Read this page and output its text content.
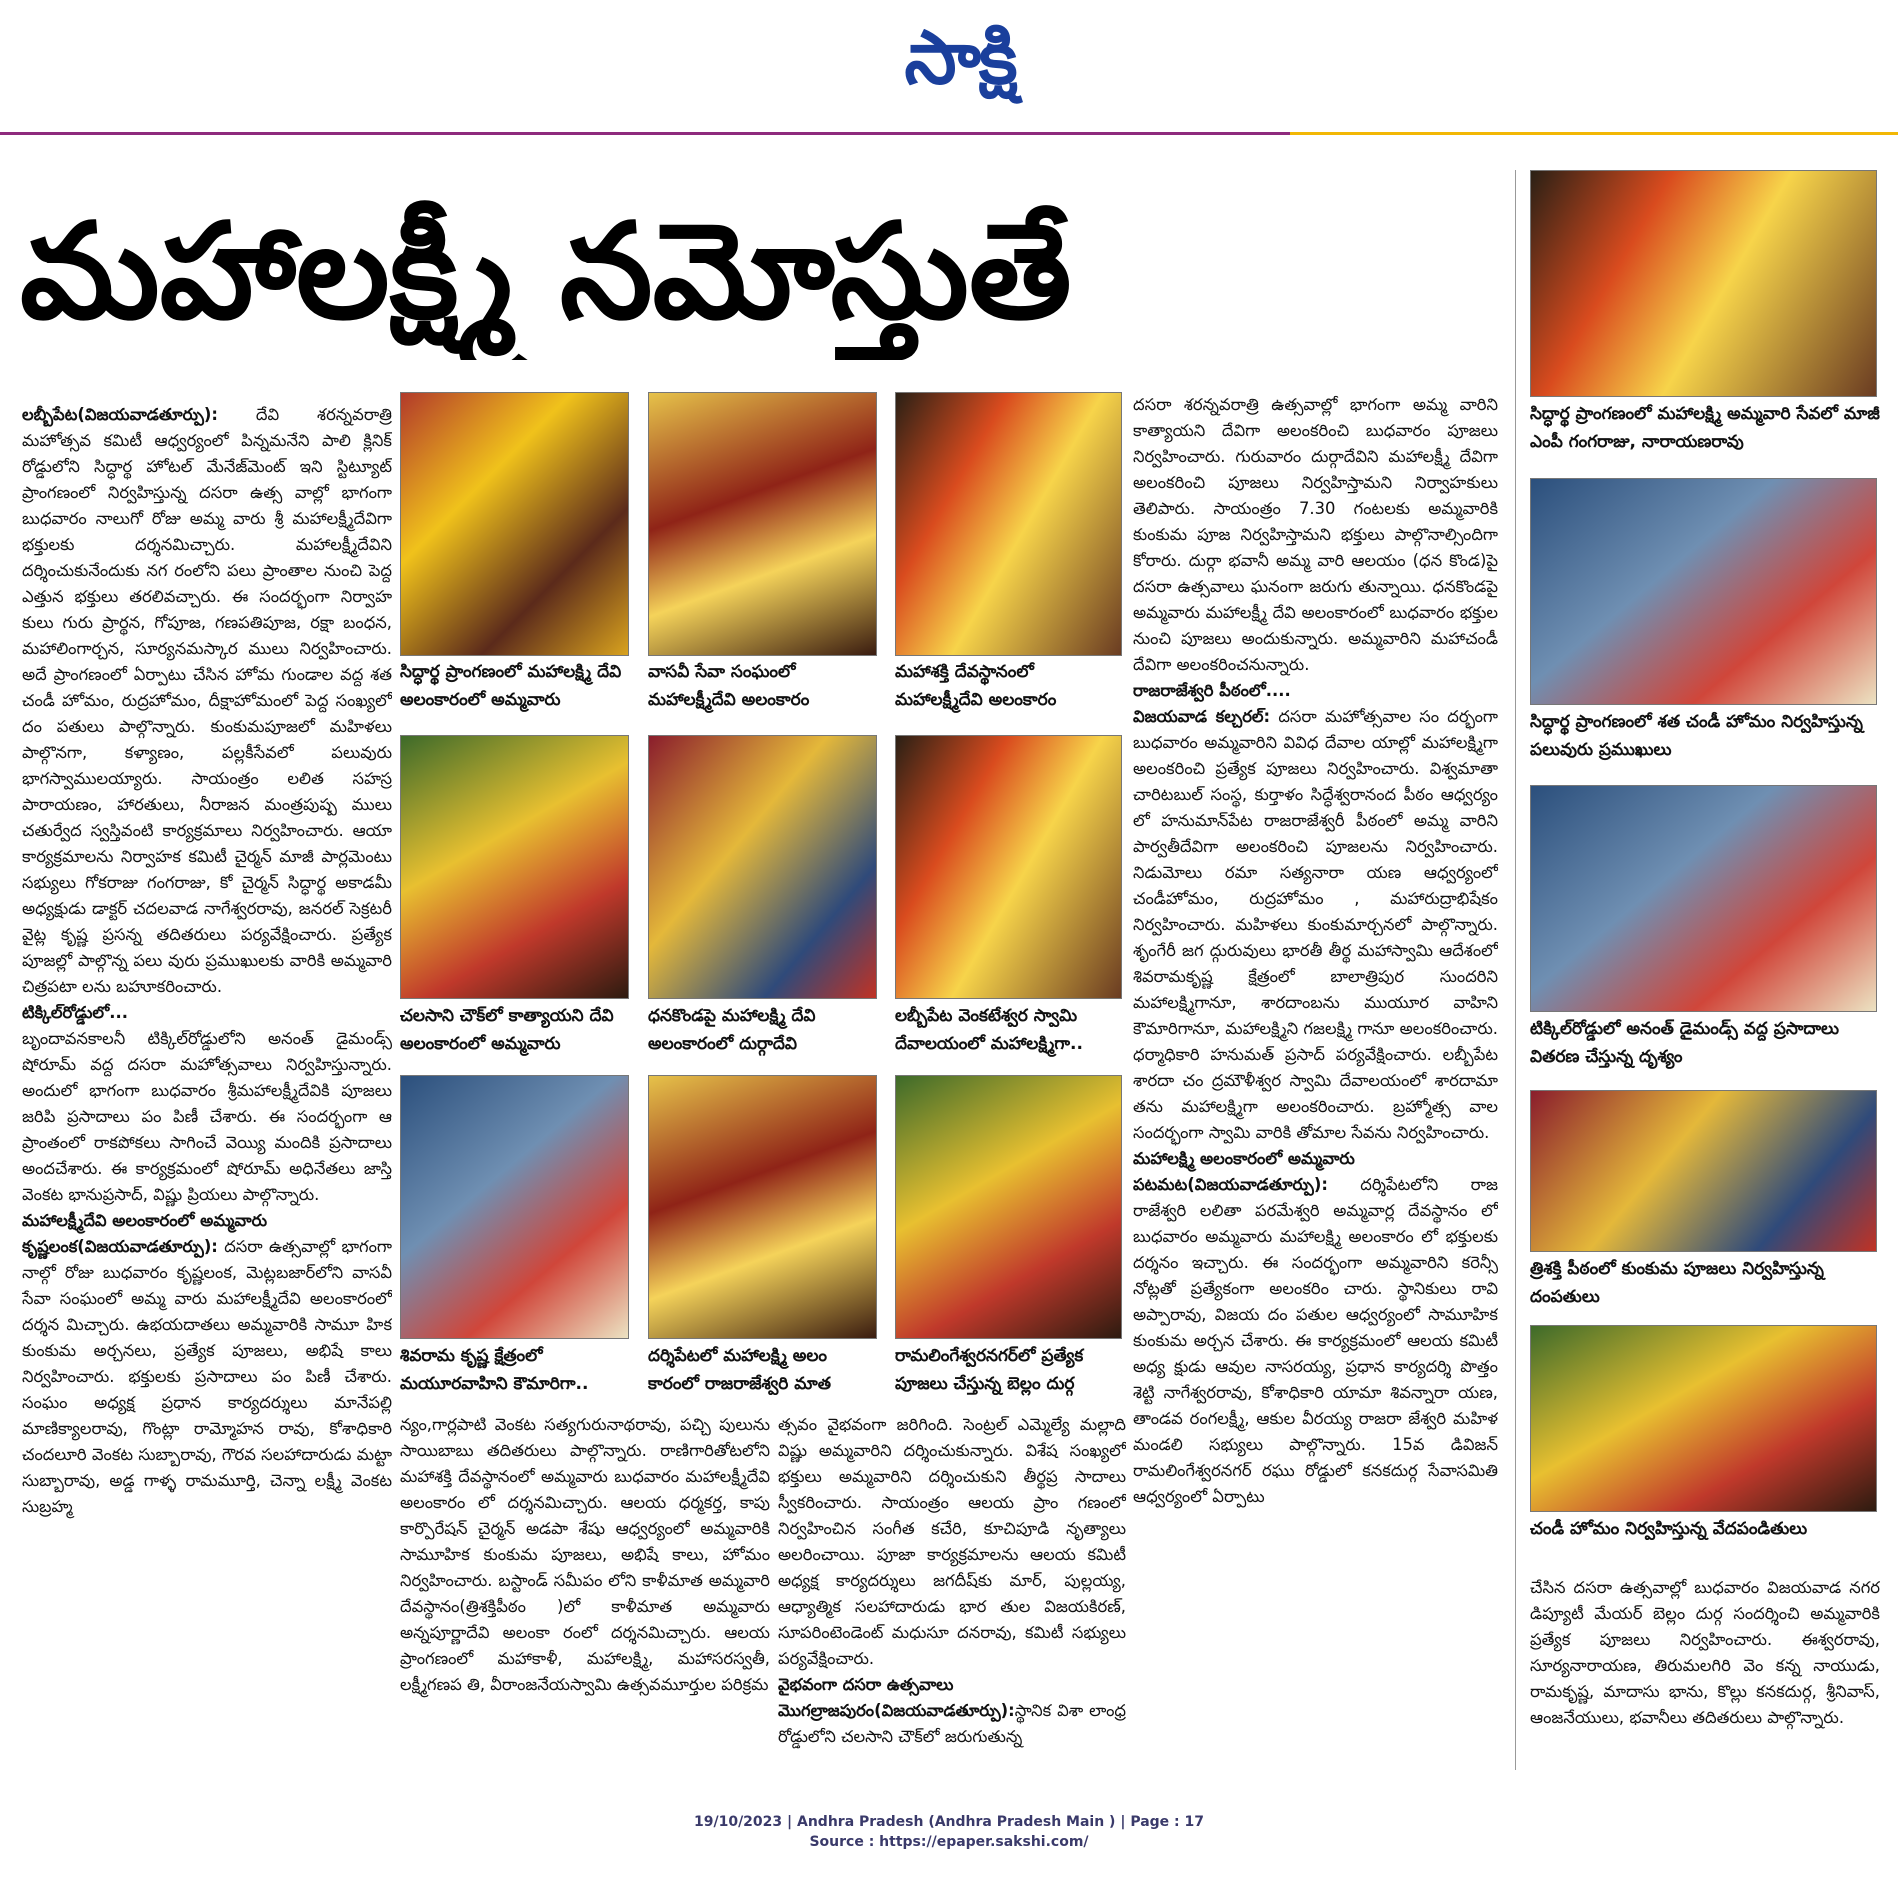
సాక్షి
మహాలక్ష్మీ నమోస్తుతే

లబ్బీపేట(విజయవాడతూర్పు): దేవి శరన్నవరాత్రి మహోత్సవ కమిటీ ఆధ్వర్యంలో పిన్నమనేని పాలి క్లినిక్ రోడ్డులోని సిద్ధార్థ హోటల్ మేనేజ్‌మెంట్ ఇని స్టిట్యూట్ ప్రాంగణంలో నిర్వహిస్తున్న దసరా ఉత్స వాల్లో భాగంగా బుధవారం నాలుగో రోజు అమ్మ వారు శ్రీ మహాలక్ష్మీదేవిగా భక్తులకు దర్శనమిచ్చారు. మహాలక్ష్మీదేవిని దర్శించుకునేందుకు నగ రంలోని పలు ప్రాంతాల నుంచి పెద్ద ఎత్తున భక్తులు తరలివచ్చారు. ఈ సందర్భంగా నిర్వాహ కులు గురు ప్రార్థన, గోపూజ, గణపతిపూజ, రక్షా బంధన, మహాలింగార్చన, సూర్యనమస్కార ములు నిర్వహించారు. అదే ప్రాంగణంలో ఏర్పాటు చేసిన హోమ గుండాల వద్ద శత చండీ హోమం, రుద్రహోమం, దీక్షాహోమంలో పెద్ద సంఖ్యలో దం పతులు పాల్గొన్నారు. కుంకుమపూజలో మహిళలు పాల్గొనగా, కళ్యాణం, పల్లకీసేవలో పలువురు భాగస్వాములయ్యారు. సాయంత్రం లలిత సహస్ర పారాయణం, హారతులు, నీరాజన మంత్రపుష్ప ములు చతుర్వేద స్వస్తివంటి కార్యక్రమాలు నిర్వహించారు. ఆయా కార్యక్రమాలను నిర్వాహక కమిటీ చైర్మన్ మాజీ పార్లమెంటు సభ్యులు గోకరాజు గంగరాజు, కో చైర్మన్ సిద్ధార్థ అకాడమీ అధ్యక్షుడు డాక్టర్ చదలవాడ నాగేశ్వరరావు, జనరల్ సెక్రటరీ వైట్ల కృష్ణ ప్రసన్న తదితరులు పర్యవేక్షించారు. ప్రత్యేక పూజల్లో పాల్గొన్న పలు వురు ప్రముఖులకు వారికి అమ్మవారి చిత్రపటా లను బహూకరించారు.

టిక్కిల్‌రోడ్డులో...

బృందావనకాలనీ టిక్కిల్‌రోడ్డులోని అనంత్ డైమండ్స్ షోరూమ్ వద్ద దసరా మహోత్సవాలు నిర్వహిస్తున్నారు. అందులో భాగంగా బుధవారం శ్రీమహాలక్ష్మీదేవికి పూజలు జరిపి ప్రసాదాలు పం పిణీ చేశారు. ఈ సందర్భంగా ఆ ప్రాంతంలో రాకపోకలు సాగించే వెయ్యి మందికి ప్రసాదాలు అందచేశారు. ఈ కార్యక్రమంలో షోరూమ్ అధినేతలు జాస్తి వెంకట భానుప్రసాద్, విష్ణు ప్రియలు పాల్గొన్నారు.

మహాలక్ష్మీదేవి అలంకారంలో అమ్మవారు

కృష్ణలంక(విజయవాడతూర్పు): దసరా ఉత్సవాల్లో భాగంగా నాల్గో రోజు బుధవారం కృష్ణలంక, మెట్లబజార్‌లోని వాసవీ సేవా సంఘంలో అమ్మ వారు మహాలక్ష్మీదేవి అలంకారంలో దర్శన మిచ్చారు. ఉభయదాతలు అమ్మవారికి సామూ హిక కుంకుమ అర్చనలు, ప్రత్యేక పూజలు, అభిషే కాలు నిర్వహించారు. భక్తులకు ప్రసాదాలు పం పిణీ చేశారు. సంఘం అధ్యక్ష ప్రధాన కార్యదర్శులు మానేపల్లి మాణిక్యాలరావు, గొంట్లా రామ్మోహన రావు, కోశాధికారి చందలూరి వెంకట సుబ్బారావు, గౌరవ సలహాదారుడు మట్టా సుబ్బారావు, అడ్డ గాళ్ళ రామమూర్తి, చెన్నా లక్ష్మీ వెంకట సుబ్రహ్మ

సిద్ధార్థ ప్రాంగణంలో మహాలక్ష్మి దేవి అలంకారంలో అమ్మవారు
వాసవీ సేవా సంఘంలో మహాలక్ష్మీదేవి అలంకారం
మహాశక్తి దేవస్థానంలో మహాలక్ష్మీదేవి అలంకారం
చలసాని చౌక్‌లో కాత్యాయని దేవి అలంకారంలో అమ్మవారు
ధనకొండపై మహాలక్ష్మి దేవి అలంకారంలో దుర్గాదేవి
లబ్బీపేట వెంకటేశ్వర స్వామి దేవాలయంలో మహాలక్ష్మిగా..
శివరామ కృష్ణ క్షేత్రంలో మయూరవాహిని కౌమారిగా..
దర్శిపేటలో మహాలక్ష్మి అలం కారంలో రాజరాజేశ్వరి మాత
రామలింగేశ్వరనగర్‌లో ప్రత్యేక పూజలు చేస్తున్న బెల్లం దుర్గ

న్యం,గార్లపాటి వెంకట సత్యగురునాథరావు, పచ్చి పులును సాయిబాబు తదితరులు పాల్గొన్నారు. రాణిగారితోటలోని మహాశక్తి దేవస్థానంలో అమ్మవారు బుధవారం మహాలక్ష్మీదేవి అలంకారం లో దర్శనమిచ్చారు. ఆలయ ధర్మకర్త, కాపు కార్పొరేషన్ చైర్మన్ అడపా శేషు ఆధ్వర్యంలో అమ్మవారికి సామూహిక కుంకుమ పూజలు, అభిషే కాలు, హోమం నిర్వహించారు. బస్టాండ్ సమీపం లోని కాళీమాత అమ్మవారి దేవస్థానం(త్రిశక్తిపీఠం )లో కాళీమాత అమ్మవారు అన్నపూర్ణాదేవి అలంకా రంలో దర్శనమిచ్చారు. ఆలయ ప్రాంగణంలో మహాకాళీ, మహాలక్ష్మి, మహాసరస్వతీ, లక్ష్మీగణప తి, వీరాంజనేయస్వామి ఉత్సవమూర్తుల పరిక్రమ

త్సవం వైభవంగా జరిగింది. సెంట్రల్ ఎమ్మెల్యే మల్లాది విష్ణు అమ్మవారిని దర్శించుకున్నారు. విశేష సంఖ్యలో భక్తులు అమ్మవారిని దర్శించుకుని తీర్థప్ర సాదాలు స్వీకరించారు. సాయంత్రం ఆలయ ప్రాం గణంలో నిర్వహించిన సంగీత కచేరి, కూచిపూడి నృత్యాలు అలరించాయి. పూజా కార్యక్రమాలను ఆలయ కమిటీ అధ్యక్ష కార్యదర్శులు జగదీష్‌కు మార్, పుల్లయ్య, ఆధ్యాత్మిక సలహాదారుడు భార తుల విజయకిరణ్, సూపరింటెండెంట్ మధుసూ దనరావు, కమిటీ సభ్యులు పర్యవేక్షించారు.

వైభవంగా దసరా ఉత్సవాలు

మొగల్రాజపురం(విజయవాడతూర్పు):స్థానిక విశా లాంధ్ర రోడ్డులోని చలసాని చౌక్‌లో జరుగుతున్న

దసరా శరన్నవరాత్రి ఉత్సవాల్లో భాగంగా అమ్మ వారిని కాత్యాయని దేవిగా అలంకరించి బుధవారం పూజలు నిర్వహించారు. గురువారం దుర్గాదేవిని మహాలక్ష్మీ దేవిగా అలంకరించి పూజలు నిర్వహిస్తామని నిర్వాహకులు తెలిపారు. సాయంత్రం 7.30 గంటలకు అమ్మవారికి కుంకుమ పూజ నిర్వహిస్తామని భక్తులు పాల్గొనాల్సిందిగా కోరారు. దుర్గా భవానీ అమ్మ వారి ఆలయం (ధన కొండ)పై దసరా ఉత్సవాలు ఘనంగా జరుగు తున్నాయి. ధనకొండపై అమ్మవారు మహాలక్ష్మీ దేవి అలంకారంలో బుధవారం భక్తుల నుంచి పూజలు అందుకున్నారు. అమ్మవారిని మహాచండీ దేవిగా అలంకరించనున్నారు.

రాజరాజేశ్వరి పీఠంలో....

విజయవాడ కల్చరల్: దసరా మహోత్సవాల సం దర్భంగా బుధవారం అమ్మవారిని వివిధ దేవాల యాల్లో మహాలక్ష్మిగా అలంకరించి ప్రత్యేక పూజలు నిర్వహించారు. విశ్వమాతా చారిటబుల్ సంస్థ, కుర్తాళం సిద్ధేశ్వరానంద పీఠం ఆధ్వర్యం లో హనుమాన్‌పేట రాజరాజేశ్వరీ పీఠంలో అమ్మ వారిని పార్వతీదేవిగా అలంకరించి పూజలను నిర్వహించారు. నిడుమోలు రమా సత్యనారా యణ ఆధ్వర్యంలో చండీహోమం, రుద్రహోమం , మహారుద్రాభిషేకం నిర్వహించారు. మహిళలు కుంకుమార్చనలో పాల్గొన్నారు. శృంగేరీ జగ ద్గురువులు భారతీ తీర్థ మహాస్వామి ఆదేశంలో శివరామకృష్ణ క్షేత్రంలో బాలాత్రిపుర సుందరిని మహాలక్ష్మిగానూ, శారదాంబను ముయూర వాహిని కౌమారిగానూ, మహాలక్ష్మిని గజలక్ష్మి గానూ అలంకరించారు. ధర్మాధికారి హనుమత్ ప్రసాద్ పర్యవేక్షించారు. లబ్బీపేట శారదా చం ద్రమౌళీశ్వర స్వామి దేవాలయంలో శారదామా తను మహాలక్ష్మిగా అలంకరించారు. బ్రహ్మోత్స వాల సందర్భంగా స్వామి వారికి తోమాల సేవను నిర్వహించారు.

మహాలక్ష్మి అలంకారంలో అమ్మవారు

పటమట(విజయవాడతూర్పు): దర్శిపేటలోని రాజ రాజేశ్వరి లలితా పరమేశ్వరి అమ్మవార్ల దేవస్థానం లో బుధవారం అమ్మవారు మహాలక్ష్మి అలంకారం లో భక్తులకు దర్శనం ఇచ్చారు. ఈ సందర్భంగా అమ్మవారిని కరెన్సీ నోట్లతో ప్రత్యేకంగా అలంకరిం చారు. స్థానికులు రావి అప్పారావు, విజయ దం పతుల ఆధ్వర్యంలో సామూహిక కుంకుమ అర్చన చేశారు. ఈ కార్యక్రమంలో ఆలయ కమిటీ అధ్య క్షుడు ఆవుల నాసరయ్య, ప్రధాన కార్యదర్శి పొత్తం శెట్టి నాగేశ్వరరావు, కోశాధికారి యామా శివన్నారా యణ, తాండవ రంగలక్ష్మీ, ఆకుల వీరయ్య రాజరా జేశ్వరి మహిళ మండలి సభ్యులు పాల్గొన్నారు. 15వ డివిజన్ రామలింగేశ్వరనగర్ రఘు రోడ్డులో కనకదుర్గ సేవాసమితి ఆధ్వర్యంలో ఏర్పాటు

సిద్ధార్థ ప్రాంగణంలో మహాలక్ష్మి అమ్మవారి సేవలో మాజీ ఎంపీ గంగరాజు, నారాయణరావు
సిద్ధార్థ ప్రాంగణంలో శత చండీ హోమం నిర్వహిస్తున్న పలువురు ప్రముఖులు
టిక్కిల్‌రోడ్డులో అనంత్ డైమండ్స్ వద్ద ప్రసాదాలు వితరణ చేస్తున్న దృశ్యం
త్రిశక్తి పీఠంలో కుంకుమ పూజలు నిర్వహిస్తున్న దంపతులు
చండీ హోమం నిర్వహిస్తున్న వేదపండితులు

చేసిన దసరా ఉత్సవాల్లో బుధవారం విజయవాడ నగర డిప్యూటీ మేయర్ బెల్లం దుర్గ సందర్శించి అమ్మవారికి ప్రత్యేక పూజలు నిర్వహించారు. ఈశ్వరరావు, సూర్యనారాయణ, తిరుమలగిరి వెం కన్న నాయుడు, రామకృష్ణ, మాదాసు భాను, కొల్లు కనకదుర్గ, శ్రీనివాస్, ఆంజనేయులు, భవానీలు తదితరులు పాల్గొన్నారు.

19/10/2023 | Andhra Pradesh (Andhra Pradesh Main ) | Page : 17
Source : https://epaper.sakshi.com/
